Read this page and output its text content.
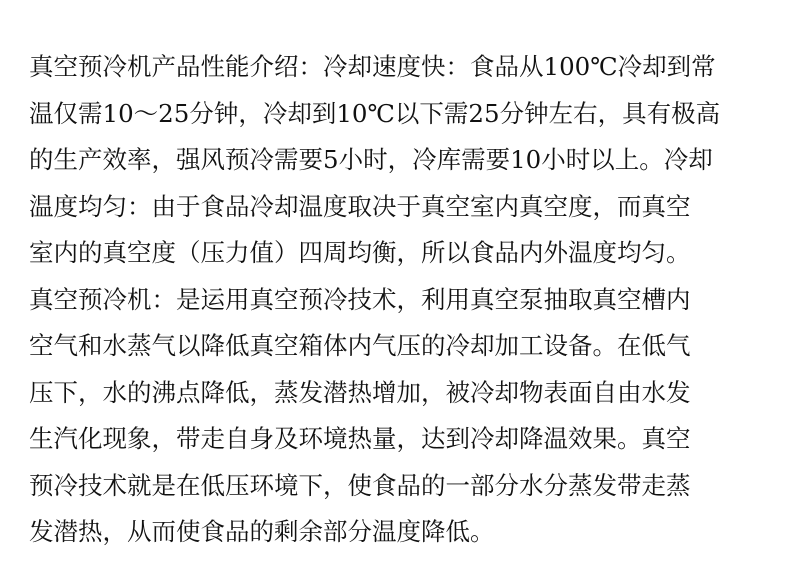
真空预冷机产品性能介绍：冷却速度快：食品从100℃冷却到常
温仅需10～25分钟，冷却到10℃以下需25分钟左右，具有极高
的生产效率，强风预冷需要5小时，冷库需要10小时以上。冷却
温度均匀：由于食品冷却温度取决于真空室内真空度，而真空
室内的真空度（压力值）四周均衡，所以食品内外温度均匀。
真空预冷机：是运用真空预冷技术，利用真空泵抽取真空槽内
空气和水蒸气以降低真空箱体内气压的冷却加工设备。在低气
压下，水的沸点降低，蒸发潜热增加，被冷却物表面自由水发
生汽化现象，带走自身及环境热量，达到冷却降温效果。真空
预冷技术就是在低压环境下，使食品的一部分水分蒸发带走蒸
发潜热，从而使食品的剩余部分温度降低。
